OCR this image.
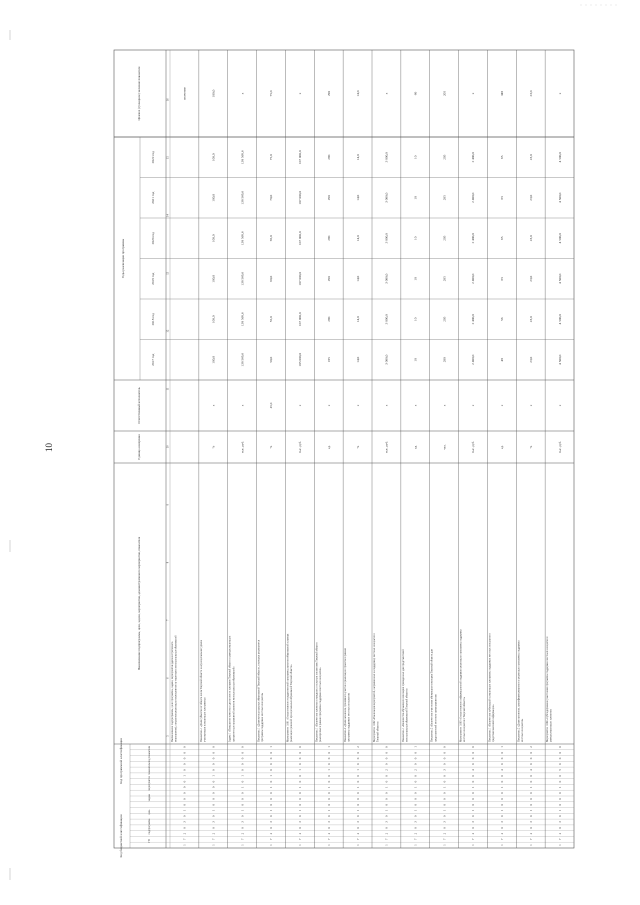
Код бюджетной классификации
Код программной классификации
Наименование подпрограммы, цели, задачи, мероприятия, административного мероприятия, показателя
Единица измерения
Ответственный исполнитель
Годы реализации программы
Целевое (суммарное) значение показателя
2017 год
2018 год
2019 год
2020 год
2021 год
2022 год
1
7
2
0
3
0
1
0
0
0
0
0
1
0
0
0
0
0
Наименование подпрограммы, цели программы, задачи, мероприятия (административного мероприятия), показателя реализации мероприятия на территории муниципальных образований
значение
1
7
2
0
3
0
1
0
0
0
0
0
1
0
0
0
0
0
Показатель 1 «Доля субъектов от общего числа Тверской области на муниципальном уровне участвующих в реализации программы»
%
х
100,0
100,0
100,0
100,0
100,0
100,0
100,0
1
7
2
0
3
0
1
0
0
0
1
0
1
0
0
0
0
0
Задача 1 «Повышение качества и доступности программ Тверской области в рамках реализации приоритетных направлений развития муниципальных образований»
тыс. руб.
х
138 569,6
138 569,6
138 569,6
138 569,6
138 569,6
138 569,6
х
1
7
2
0
3
0
1
0
0
0
1
0
1
0
0
0
0
1
Показатель 1 «Доля муниципальных образований Тверской области, в которых реализуются программы поддержки местных инициатив»
%
45,0
50,0
55,0
60,0
65,0
70,0
75,0
75,0
1
7
2
0
3
0
1
0
0
0
1
0
0
1
0
0
0
0
Мероприятие 1.001 «Осуществление государственной программы развития образований в рамках реализации решений муниципальных образований Тверской области»
тыс. руб.
х
105 000,0
107 000,0
107 000,0
107 000,0
107 000,0
107 000,0
х
1
7
2
0
3
0
1
0
0
0
1
0
0
1
0
0
0
1
Показатель 1 «Количество проектов в городских и сельских поселениях Тверской области реализуемых в рамках программы поддержки местных инициатив»
ед.
х
185
290
290
290
290
290
290
1
7
2
0
3
0
1
0
0
0
1
0
0
1
0
0
0
2
Показатель 2 «Доля населения, принявшего участие в реализации проектов в рамках программы поддержки местных инициатив»
%
х
14,0
14,0
14,0
14,0
14,0
14,0
14,0
1
7
2
0
3
0
1
0
0
0
1
0
0
2
0
0
0
0
Мероприятие 1.002 «Реализация мероприятий, направленных на поддержку местных инициатив в Тверской области»
тыс. руб.
х
3 000,0
3 000,0
3 000,0
3 000,0
3 000,0
3 000,0
х
1
7
2
0
3
0
1
0
0
0
1
0
0
2
0
0
0
1
Показатель 1 «Количество обучающих семинаров проведенных для представителей муниципальных образований Тверской области»
ед.
х
10
10
10
10
10
10
60
1
7
2
0
3
0
1
0
0
0
1
0
0
3
0
0
0
0
Показатель 2 «Количество участников обучающих семинаров Тверской области для представителей местного самоуправления»
чел.
х
200
205
205
205
205
205
205
1
7
2
0
3
0
1
0
0
0
1
0
0
4
0
0
0
0
Мероприятие 1.003 «Осуществление информационной поддержки реализации программы поддержки местных инициатив в Тверской области»
тыс. руб.
х
2 400,0
2 400,0
2 400,0
2 400,0
2 400,0
2 400,0
х
1
7
2
0
3
0
1
0
0
0
1
0
0
4
0
0
0
1
Показатель 1 «Количество публикаций о реализации программы поддержки местных инициатив в средствах массовой информации»
ед.
х
48
56
65
65
65
65
348
1
7
2
0
3
0
1
0
0
0
1
0
0
4
0
0
0
2
Показатель 2 «Доля населения, проинформированного о реализации программы поддержки местных инициатив»
%
х
23,0
23,0
23,0
23,0
23,0
23,0
23,0
1
7
2
0
3
0
1
0
0
0
1
0
0
5
0
0
0
0
Мероприятие 1.004 «Субсидирование участников программы поддержки местных инициатив в рамках реализации проектов»
тыс. руб.
х
4 500,0
4 500,0
4 500,0
4 500,0
4 500,0
4 500,0
х
5
6
7
8
9
10
11
12
13
14
15
16
ГП
подпрограмма
цель
задача
мероприятие
показатель
вид показателя
10
